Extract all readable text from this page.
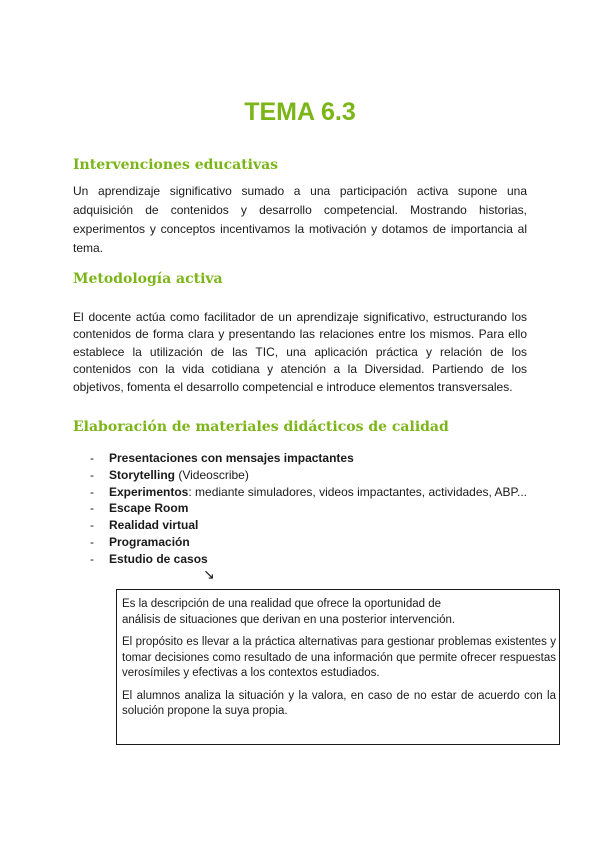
TEMA 6.3
Intervenciones educativas

Un aprendizaje significativo sumado a una participación activa supone una adquisición de contenidos y desarrollo competencial. Mostrando historias, experimentos y conceptos incentivamos la motivación y dotamos de importancia al tema.

Metodología activa

El docente actúa como facilitador de un aprendizaje significativo, estructurando los contenidos de forma clara y presentando las relaciones entre los mismos. Para ello establece la utilización de las TIC, una aplicación práctica y relación de los contenidos con la vida cotidiana y atención a la Diversidad. Partiendo de los objetivos, fomenta el desarrollo competencial e introduce elementos transversales.

Elaboración de materiales didácticos de calidad
- Presentaciones con mensajes impactantes
- Storytelling (Videoscribe)
- Experimentos: mediante simuladores, videos impactantes, actividades, ABP...
- Escape Room
- Realidad virtual
- Programación
- Estudio de casos
↘

Es la descripción de una realidad que ofrece la oportunidad de
análisis de situaciones que derivan en una posterior intervención.

El propósito es llevar a la práctica alternativas para gestionar problemas existentes y tomar decisiones como resultado de una información que permite ofrecer respuestas verosímiles y efectivas a los contextos estudiados.

El alumnos analiza la situación y la valora, en caso de no estar de acuerdo con la solución propone la suya propia.
